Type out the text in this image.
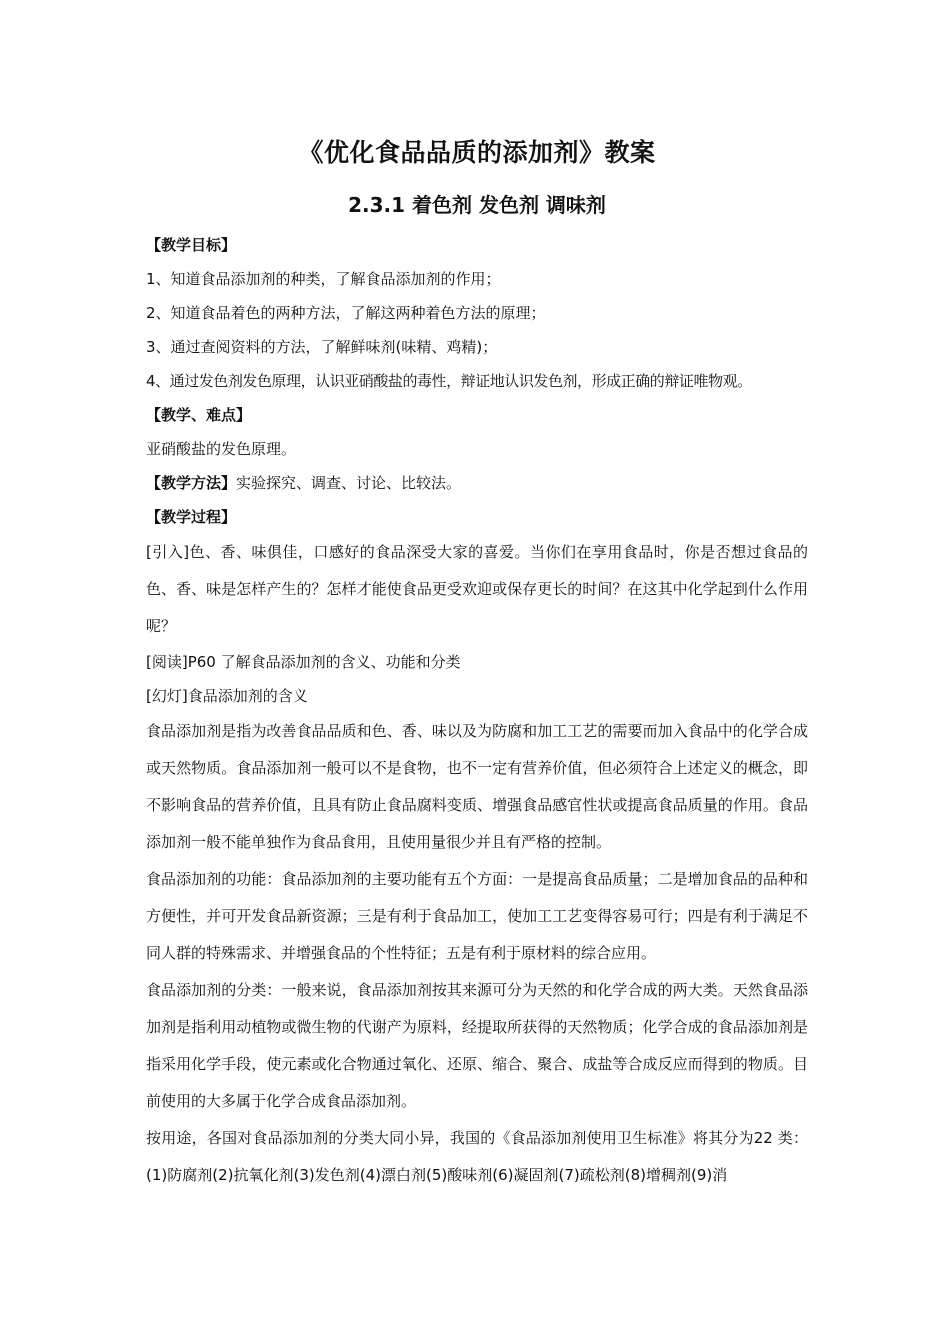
《优化食品品质的添加剂》教案
2.3.1 着色剂 发色剂 调味剂

【教学目标】

1、知道食品添加剂的种类，了解食品添加剂的作用；

2、知道食品着色的两种方法，了解这两种着色方法的原理；

3、通过查阅资料的方法，了解鲜味剂(味精、鸡精)；

4、通过发色剂发色原理，认识亚硝酸盐的毒性，辩证地认识发色剂，形成正确的辩证唯物观。

【教学、难点】

亚硝酸盐的发色原理。

【教学方法】实验探究、调查、讨论、比较法。

【教学过程】

[引入]色、香、味俱佳，口感好的食品深受大家的喜爱。当你们在享用食品时，你是否想过食品的色、香、味是怎样产生的？怎样才能使食品更受欢迎或保存更长的时间？在这其中化学起到什么作用呢？

[阅读]P60 了解食品添加剂的含义、功能和分类

[幻灯]食品添加剂的含义

食品添加剂是指为改善食品品质和色、香、味以及为防腐和加工工艺的需要而加入食品中的化学合成或天然物质。食品添加剂一般可以不是食物，也不一定有营养价值，但必须符合上述定义的概念，即不影响食品的营养价值，且具有防止食品腐料变质、增强食品感官性状或提高食品质量的作用。食品添加剂一般不能单独作为食品食用，且使用量很少并且有严格的控制。

食品添加剂的功能：食品添加剂的主要功能有五个方面：一是提高食品质量；二是增加食品的品种和方便性，并可开发食品新资源；三是有利于食品加工，使加工工艺变得容易可行；四是有利于满足不同人群的特殊需求、并增强食品的个性特征；五是有利于原材料的综合应用。

食品添加剂的分类：一般来说，食品添加剂按其来源可分为天然的和化学合成的两大类。天然食品添加剂是指利用动植物或微生物的代谢产为原料，经提取所获得的天然物质；化学合成的食品添加剂是指采用化学手段，使元素或化合物通过氧化、还原、缩合、聚合、成盐等合成反应而得到的物质。目前使用的大多属于化学合成食品添加剂。

按用途，各国对食品添加剂的分类大同小异，我国的《食品添加剂使用卫生标准》将其分为22 类：(1)防腐剂(2)抗氧化剂(3)发色剂(4)漂白剂(5)酸味剂(6)凝固剂(7)疏松剂(8)增稠剂(9)消
